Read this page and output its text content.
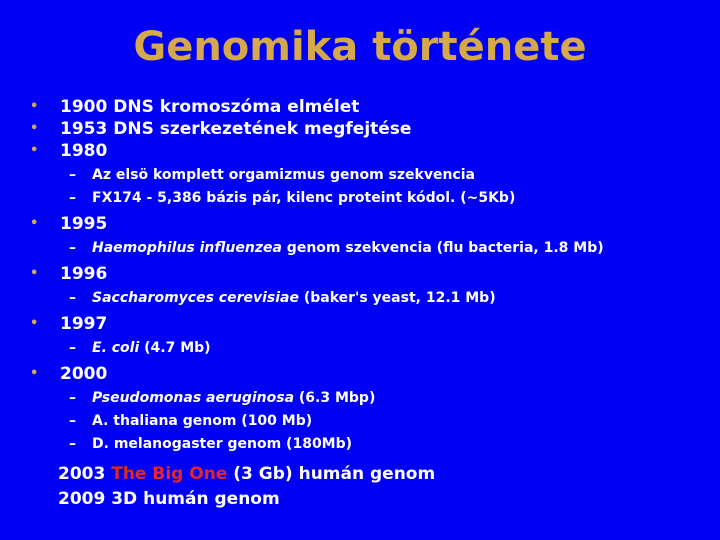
Genomika története
• 1900 DNS kromoszóma elmélet
• 1953 DNS szerkezetének megfejtése
• 1980
– Az elsö komplett orgamizmus genom szekvencia
– FX174 - 5,386 bázis pár, kilenc proteint kódol. (~5Kb)
• 1995
– Haemophilus influenzea genom szekvencia (flu bacteria, 1.8 Mb)
• 1996
– Saccharomyces cerevisiae (baker's yeast, 12.1 Mb)
• 1997
– E. coli (4.7 Mb)
• 2000
– Pseudomonas aeruginosa (6.3 Mbp)
– A. thaliana genom (100 Mb)
– D. melanogaster genom (180Mb)
2003 The Big One (3 Gb) humán genom
2009 3D humán genom
